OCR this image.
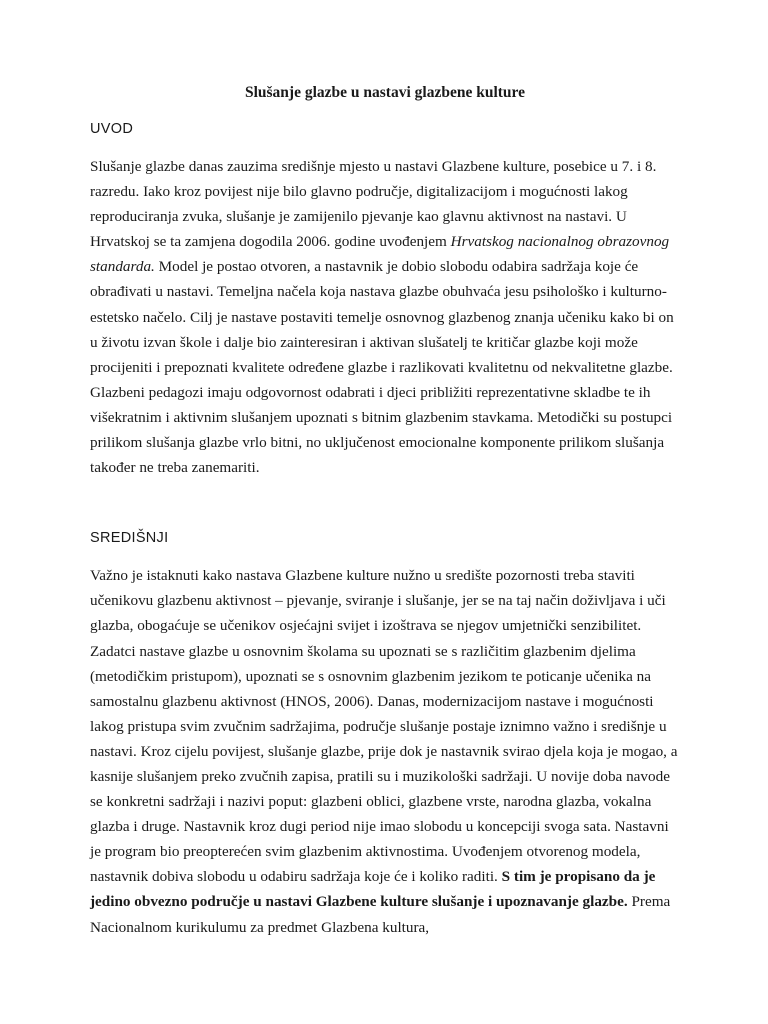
Slušanje glazbe u nastavi glazbene kulture
UVOD

Slušanje glazbe danas zauzima središnje mjesto u nastavi Glazbene kulture, posebice u 7. i 8. razredu. Iako kroz povijest nije bilo glavno područje, digitalizacijom i mogućnosti lakog reproduciranja zvuka, slušanje je zamijenilo pjevanje kao glavnu aktivnost na nastavi. U Hrvatskoj se ta zamjena dogodila 2006. godine uvođenjem Hrvatskog nacionalnog obrazovnog standarda. Model je postao otvoren, a nastavnik je dobio slobodu odabira sadržaja koje će obrađivati u nastavi. Temeljna načela koja nastava glazbe obuhvaća jesu psihološko i kulturno-estetsko načelo. Cilj je nastave postaviti temelje osnovnog glazbenog znanja učeniku kako bi on u životu izvan škole i dalje bio zainteresiran i aktivan slušatelj te kritičar glazbe koji može procijeniti i prepoznati kvalitete određene glazbe i razlikovati kvalitetnu od nekvalitetne glazbe. Glazbeni pedagozi imaju odgovornost odabrati i djeci približiti reprezentativne skladbe te ih višekratnim i aktivnim slušanjem upoznati s bitnim glazbenim stavkama. Metodički su postupci prilikom slušanja glazbe vrlo bitni, no uključenost emocionalne komponente prilikom slušanja također ne treba zanemariti.

SREDIŠNJI

Važno je istaknuti kako nastava Glazbene kulture nužno u središte pozornosti treba staviti učenikovu glazbenu aktivnost – pjevanje, sviranje i slušanje, jer se na taj način doživljava i uči glazba, obogaćuje se učenikov osjećajni svijet i izoštrava se njegov umjetnički senzibilitet. Zadatci nastave glazbe u osnovnim školama su upoznati se s različitim glazbenim djelima (metodičkim pristupom), upoznati se s osnovnim glazbenim jezikom te poticanje učenika na samostalnu glazbenu aktivnost (HNOS, 2006). Danas, modernizacijom nastave i mogućnosti lakog pristupa svim zvučnim sadržajima, područje slušanje postaje iznimno važno i središnje u nastavi. Kroz cijelu povijest, slušanje glazbe, prije dok je nastavnik svirao djela koja je mogao, a kasnije slušanjem preko zvučnih zapisa, pratili su i muzikološki sadržaji. U novije doba navode se konkretni sadržaji i nazivi poput: glazbeni oblici, glazbene vrste, narodna glazba, vokalna glazba i druge. Nastavnik kroz dugi period nije imao slobodu u koncepciji svoga sata. Nastavni je program bio preopterećen svim glazbenim aktivnostima. Uvođenjem otvorenog modela, nastavnik dobiva slobodu u odabiru sadržaja koje će i koliko raditi. S tim je propisano da je jedino obvezno područje u nastavi Glazbene kulture slušanje i upoznavanje glazbe. Prema Nacionalnom kurikulumu za predmet Glazbena kultura,
